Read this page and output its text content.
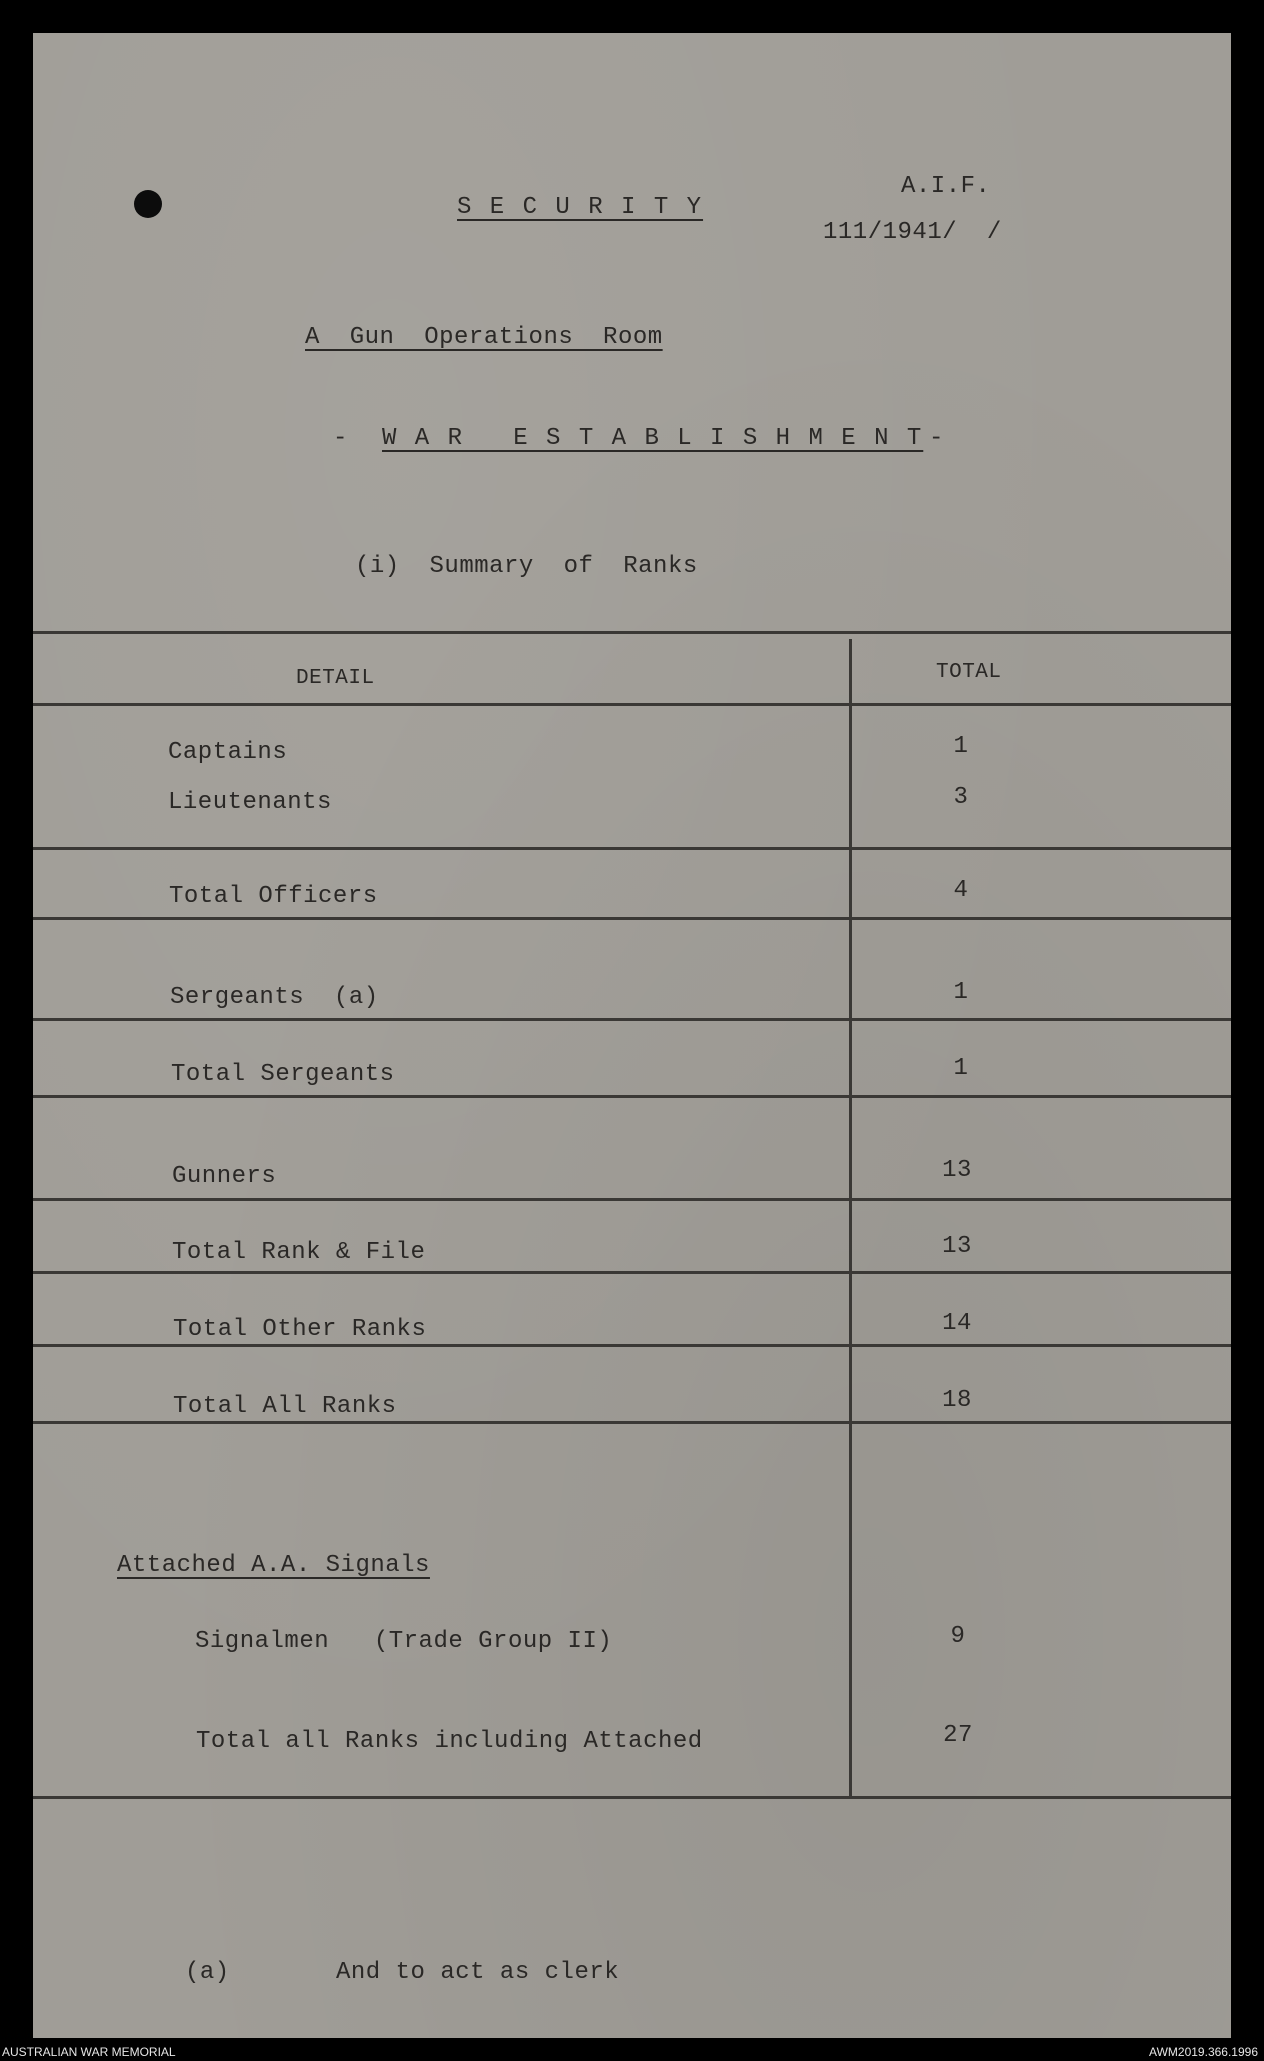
A.I.F.
S E C U R I T Y
111/1941/  /
A  Gun  Operations  Room
- W A R   E S T A B L I S H M E N T -
(i)  Summary  of  Ranks
DETAIL	TOTAL
Captains	1
Lieutenants	3
Total Officers	4
Sergeants  (a)	1
Total Sergeants	1
Gunners	13
Total Rank & File	13
Total Other Ranks	14
Total All Ranks	18
Attached A.A. Signals
Signalmen   (Trade Group II)	9
Total all Ranks including Attached	27
(a)	And to act as clerk
AUSTRALIAN WAR MEMORIAL	AWM2019.366.1996
